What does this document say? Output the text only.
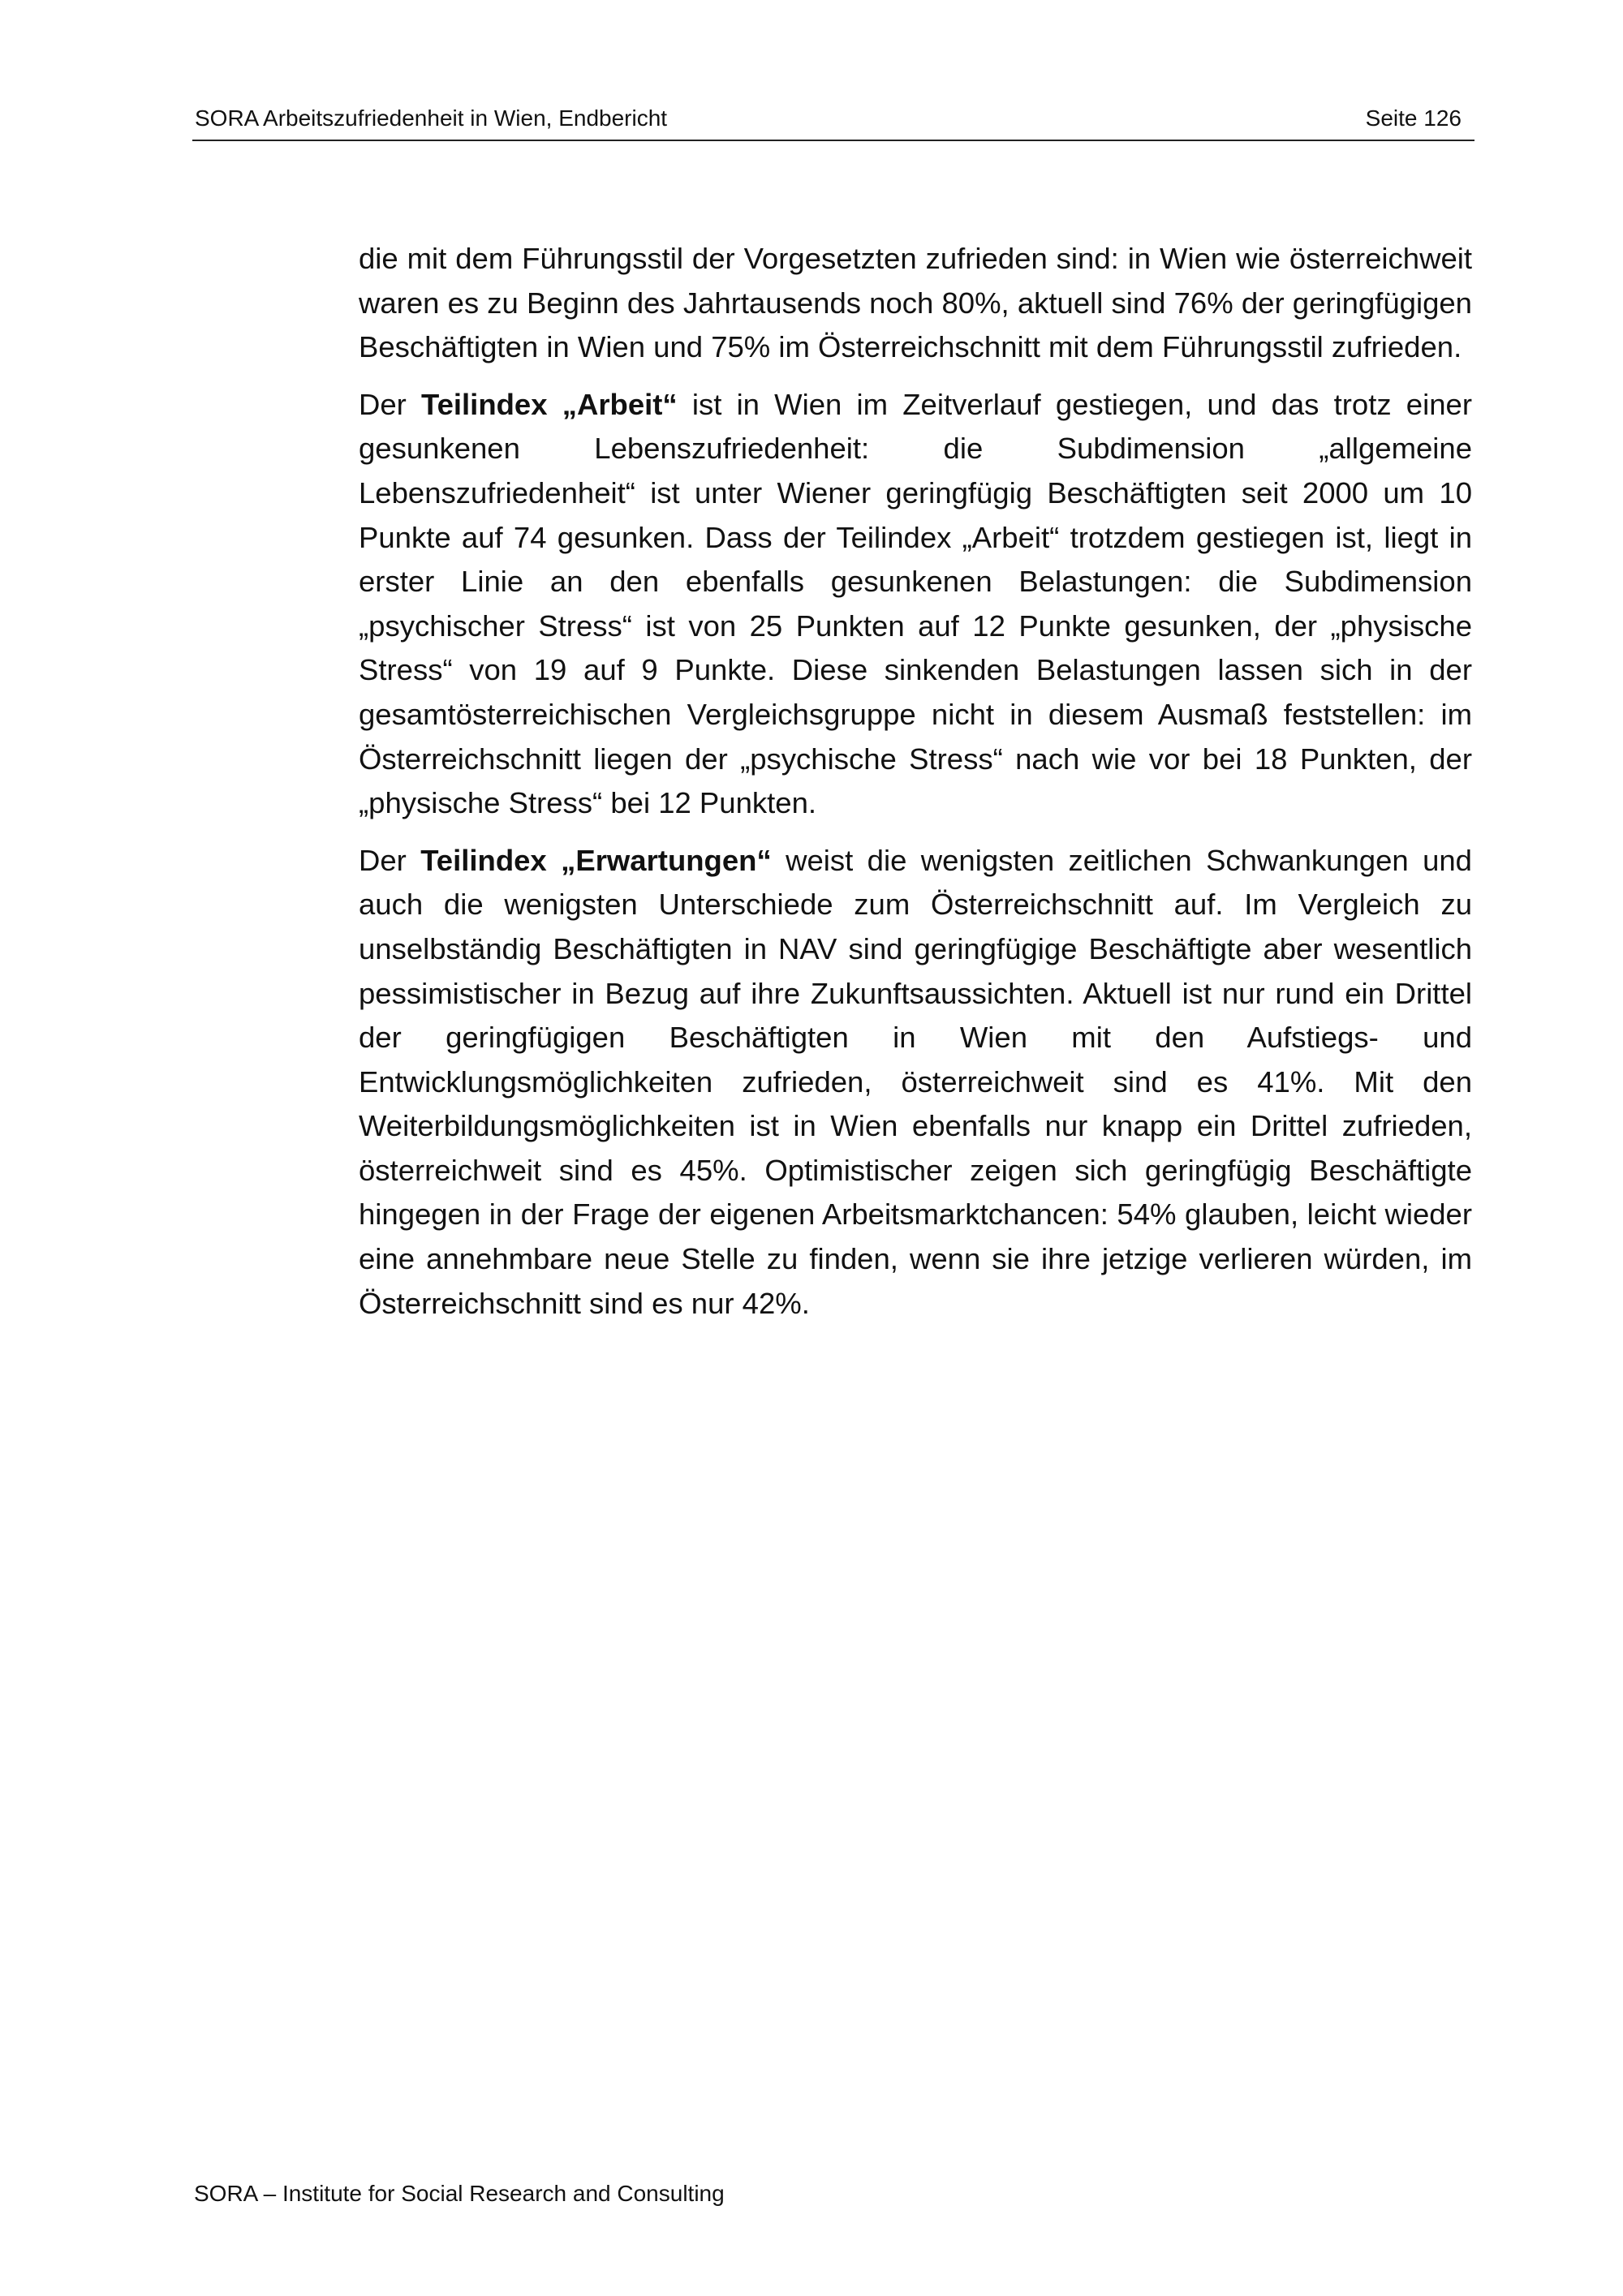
SORA Arbeitszufriedenheit in Wien, Endbericht	Seite 126

die mit dem Führungsstil der Vorgesetzten zufrieden sind: in Wien wie österreichweit waren es zu Beginn des Jahrtausends noch 80%, aktuell sind 76% der geringfügigen Beschäftigten in Wien und 75% im Österreichschnitt mit dem Führungsstil zufrieden.

Der Teilindex „Arbeit“ ist in Wien im Zeitverlauf gestiegen, und das trotz einer gesunkenen Lebenszufriedenheit: die Subdimension „allgemeine Lebenszufriedenheit“ ist unter Wiener geringfügig Beschäftigten seit 2000 um 10 Punkte auf 74 gesunken. Dass der Teilindex „Arbeit“ trotzdem gestiegen ist, liegt in erster Linie an den ebenfalls gesunkenen Belastungen: die Subdimension „psychischer Stress“ ist von 25 Punkten auf 12 Punkte gesunken, der „physische Stress“ von 19 auf 9 Punkte. Diese sinkenden Belastungen lassen sich in der gesamtösterreichischen Vergleichsgruppe nicht in diesem Ausmaß feststellen: im Österreichschnitt liegen der „psychische Stress“ nach wie vor bei 18 Punkten, der „physische Stress“ bei 12 Punkten.

Der Teilindex „Erwartungen“ weist die wenigsten zeitlichen Schwankungen und auch die wenigsten Unterschiede zum Österreichschnitt auf. Im Vergleich zu unselbständig Beschäftigten in NAV sind geringfügige Beschäftigte aber wesentlich pessimistischer in Bezug auf ihre Zukunftsaussichten. Aktuell ist nur rund ein Drittel der geringfügigen Beschäftigten in Wien mit den Aufstiegs- und Entwicklungsmöglichkeiten zufrieden, österreichweit sind es 41%. Mit den Weiterbildungsmöglichkeiten ist in Wien ebenfalls nur knapp ein Drittel zufrieden, österreichweit sind es 45%. Optimistischer zeigen sich geringfügig Beschäftigte hingegen in der Frage der eigenen Arbeitsmarktchancen: 54% glauben, leicht wieder eine annehmbare neue Stelle zu finden, wenn sie ihre jetzige verlieren würden, im Österreichschnitt sind es nur 42%.

SORA – Institute for Social Research and Consulting
